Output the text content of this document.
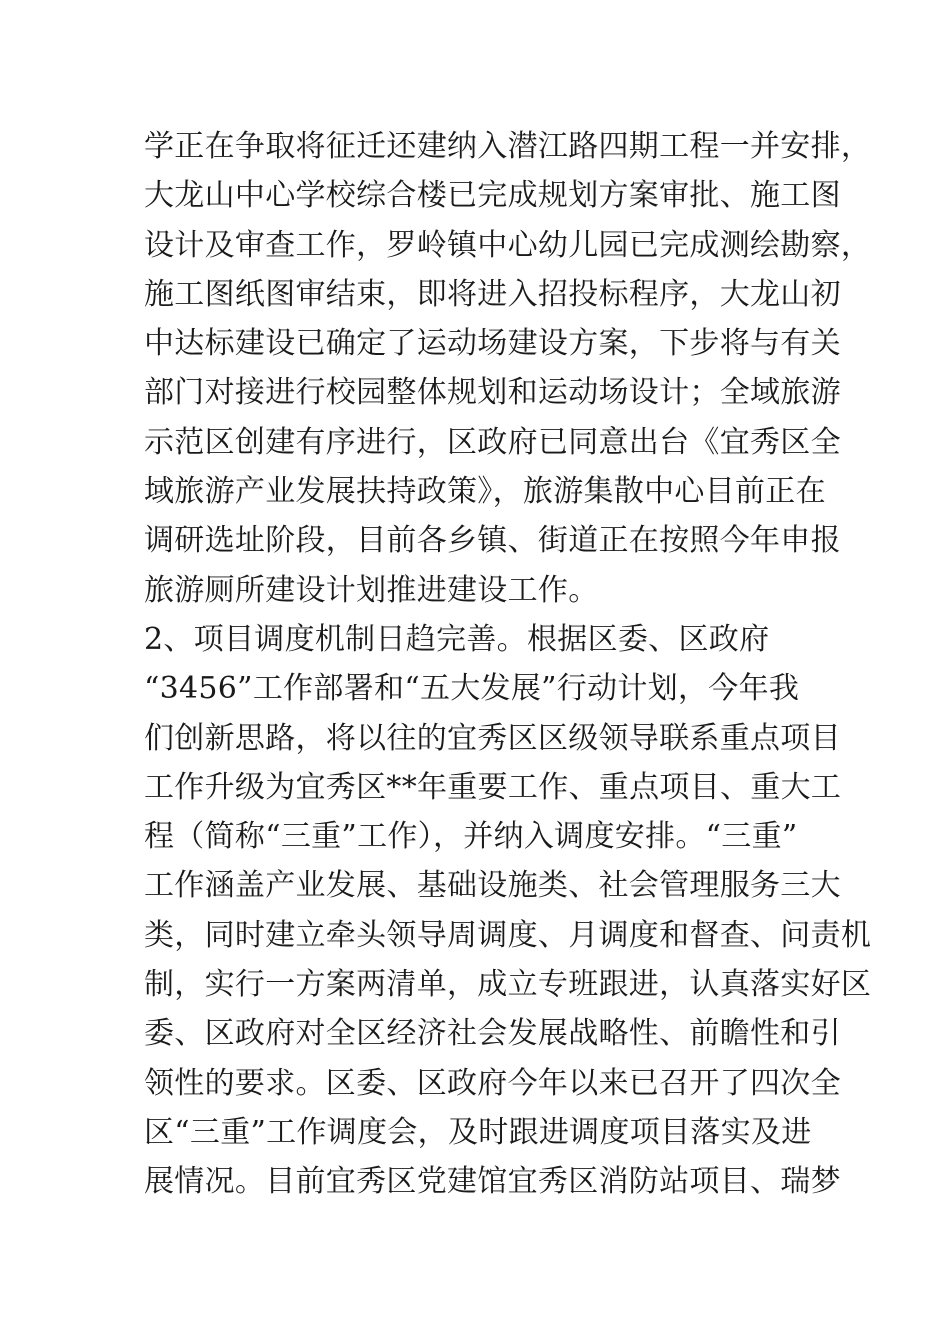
学正在争取将征迁还建纳入潜江路四期工程一并安排，
大龙山中心学校综合楼已完成规划方案审批、施工图
设计及审查工作，罗岭镇中心幼儿园已完成测绘勘察，
施工图纸图审结束，即将进入招投标程序，大龙山初
中达标建设已确定了运动场建设方案，下步将与有关
部门对接进行校园整体规划和运动场设计；全域旅游
示范区创建有序进行，区政府已同意出台《宜秀区全
域旅游产业发展扶持政策》，旅游集散中心目前正在
调研选址阶段，目前各乡镇、街道正在按照今年申报
旅游厕所建设计划推进建设工作。
2、项目调度机制日趋完善。根据区委、区政府
“3456”工作部署和“五大发展”行动计划，今年我
们创新思路，将以往的宜秀区区级领导联系重点项目
工作升级为宜秀区**年重要工作、重点项目、重大工
程（简称“三重”工作），并纳入调度安排。“三重”
工作涵盖产业发展、基础设施类、社会管理服务三大
类，同时建立牵头领导周调度、月调度和督查、问责机
制，实行一方案两清单，成立专班跟进，认真落实好区
委、区政府对全区经济社会发展战略性、前瞻性和引
领性的要求。区委、区政府今年以来已召开了四次全
区“三重”工作调度会，及时跟进调度项目落实及进
展情况。目前宜秀区党建馆宜秀区消防站项目、瑞梦
